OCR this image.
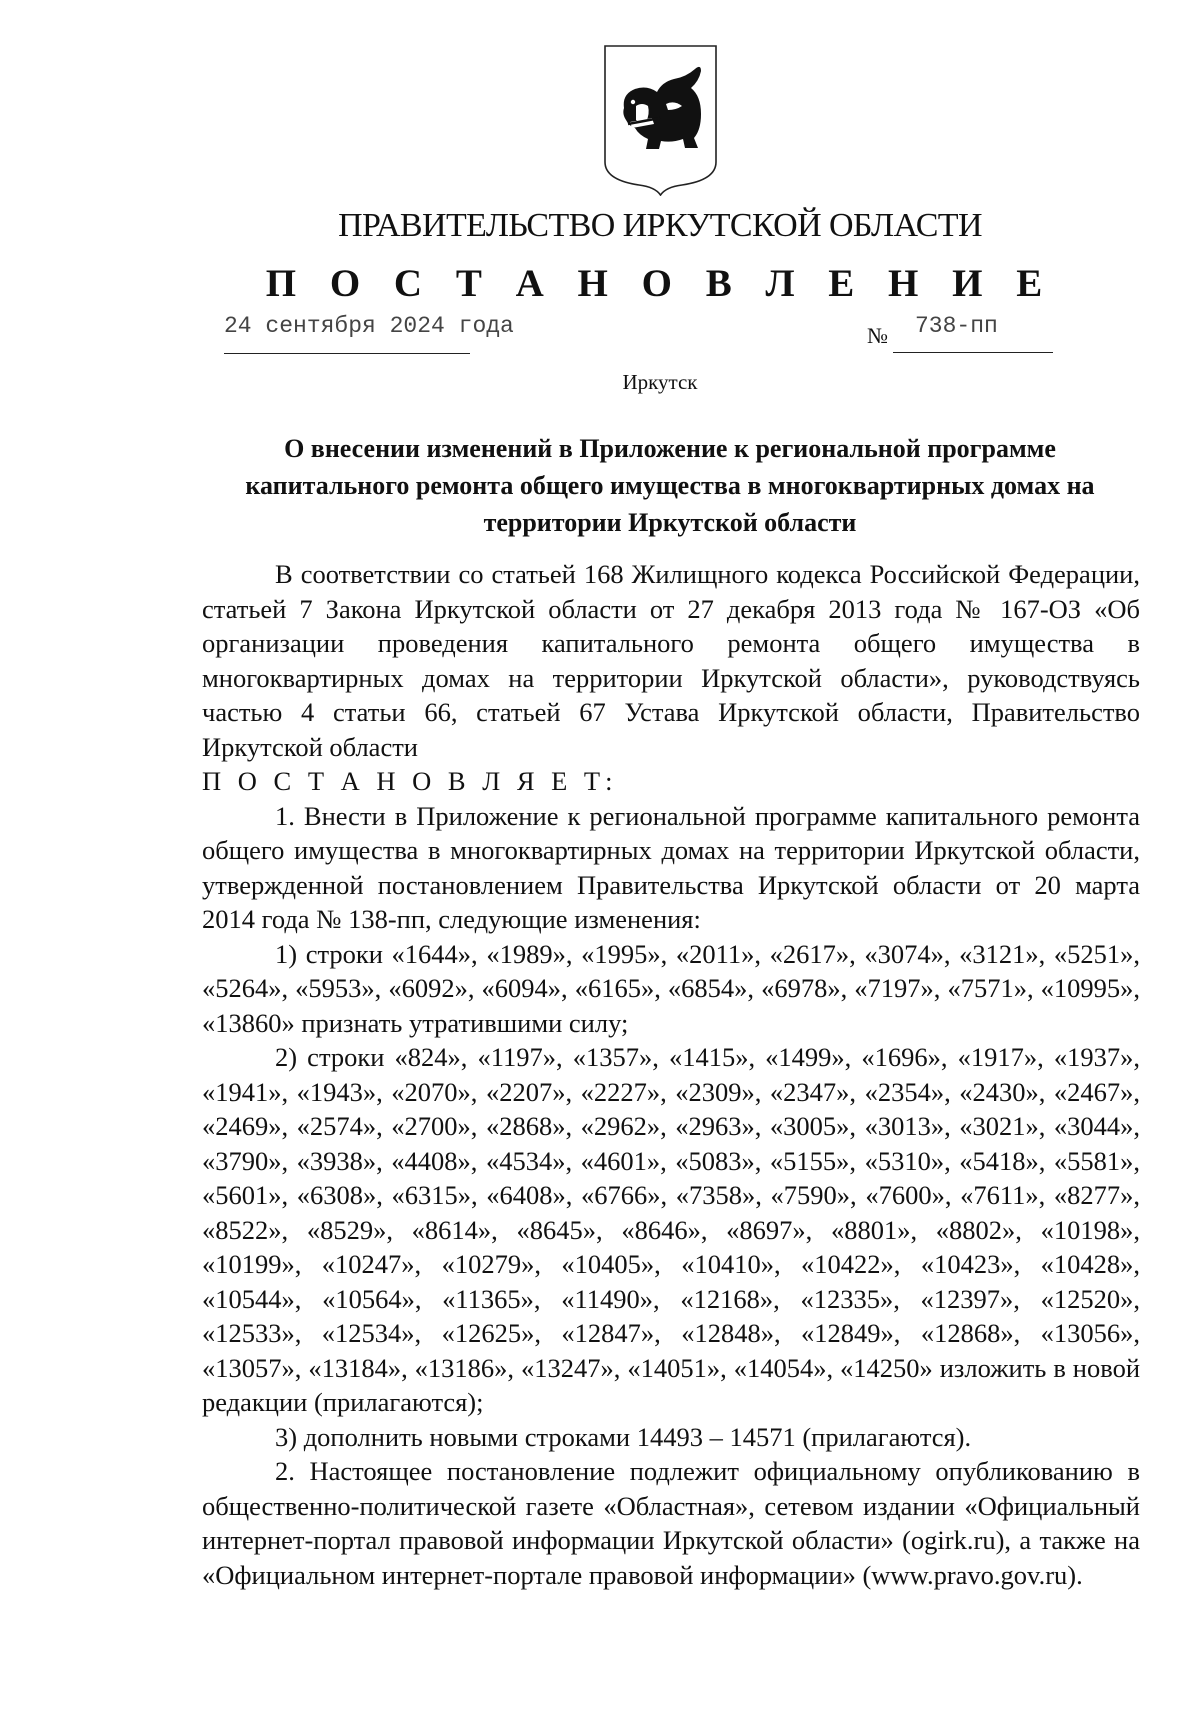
ПРАВИТЕЛЬСТВО ИРКУТСКОЙ ОБЛАСТИ
П О С Т А Н О В Л Е Н И Е
24 сентября 2024 года	№	738-пп
Иркутск
О внесении изменений в Приложение к региональной программе капитального ремонта общего имущества в многоквартирных домах на территории Иркутской области

В соответствии со статьей 168 Жилищного кодекса Российской Федерации, статьей 7 Закона Иркутской области от 27 декабря 2013 года № 167-ОЗ «Об организации проведения капитального ремонта общего имущества в многоквартирных домах на территории Иркутской области», руководствуясь частью 4 статьи 66, статьей 67 Устава Иркутской области, Правительство Иркутской области

П О С Т А Н О В Л Я Е Т:

1. Внести в Приложение к региональной программе капитального ремонта общего имущества в многоквартирных домах на территории Иркутской области, утвержденной постановлением Правительства Иркутской области от 20 марта 2014 года № 138-пп, следующие изменения:

1) строки «1644», «1989», «1995», «2011», «2617», «3074», «3121», «5251», «5264», «5953», «6092», «6094», «6165», «6854», «6978», «7197», «7571», «10995», «13860» признать утратившими силу;

2) строки «824», «1197», «1357», «1415», «1499», «1696», «1917», «1937», «1941», «1943», «2070», «2207», «2227», «2309», «2347», «2354», «2430», «2467», «2469», «2574», «2700», «2868», «2962», «2963», «3005», «3013», «3021», «3044», «3790», «3938», «4408», «4534», «4601», «5083», «5155», «5310», «5418», «5581», «5601», «6308», «6315», «6408», «6766», «7358», «7590», «7600», «7611», «8277», «8522», «8529», «8614», «8645», «8646», «8697», «8801», «8802», «10198», «10199», «10247», «10279», «10405», «10410», «10422», «10423», «10428», «10544», «10564», «11365», «11490», «12168», «12335», «12397», «12520», «12533», «12534», «12625», «12847», «12848», «12849», «12868», «13056», «13057», «13184», «13186», «13247», «14051», «14054», «14250» изложить в новой редакции (прилагаются);

3) дополнить новыми строками 14493 – 14571 (прилагаются).

2. Настоящее постановление подлежит официальному опубликованию в общественно-политической газете «Областная», сетевом издании «Официальный интернет-портал правовой информации Иркутской области» (ogirk.ru), а также на «Официальном интернет-портале правовой информации» (www.pravo.gov.ru).
